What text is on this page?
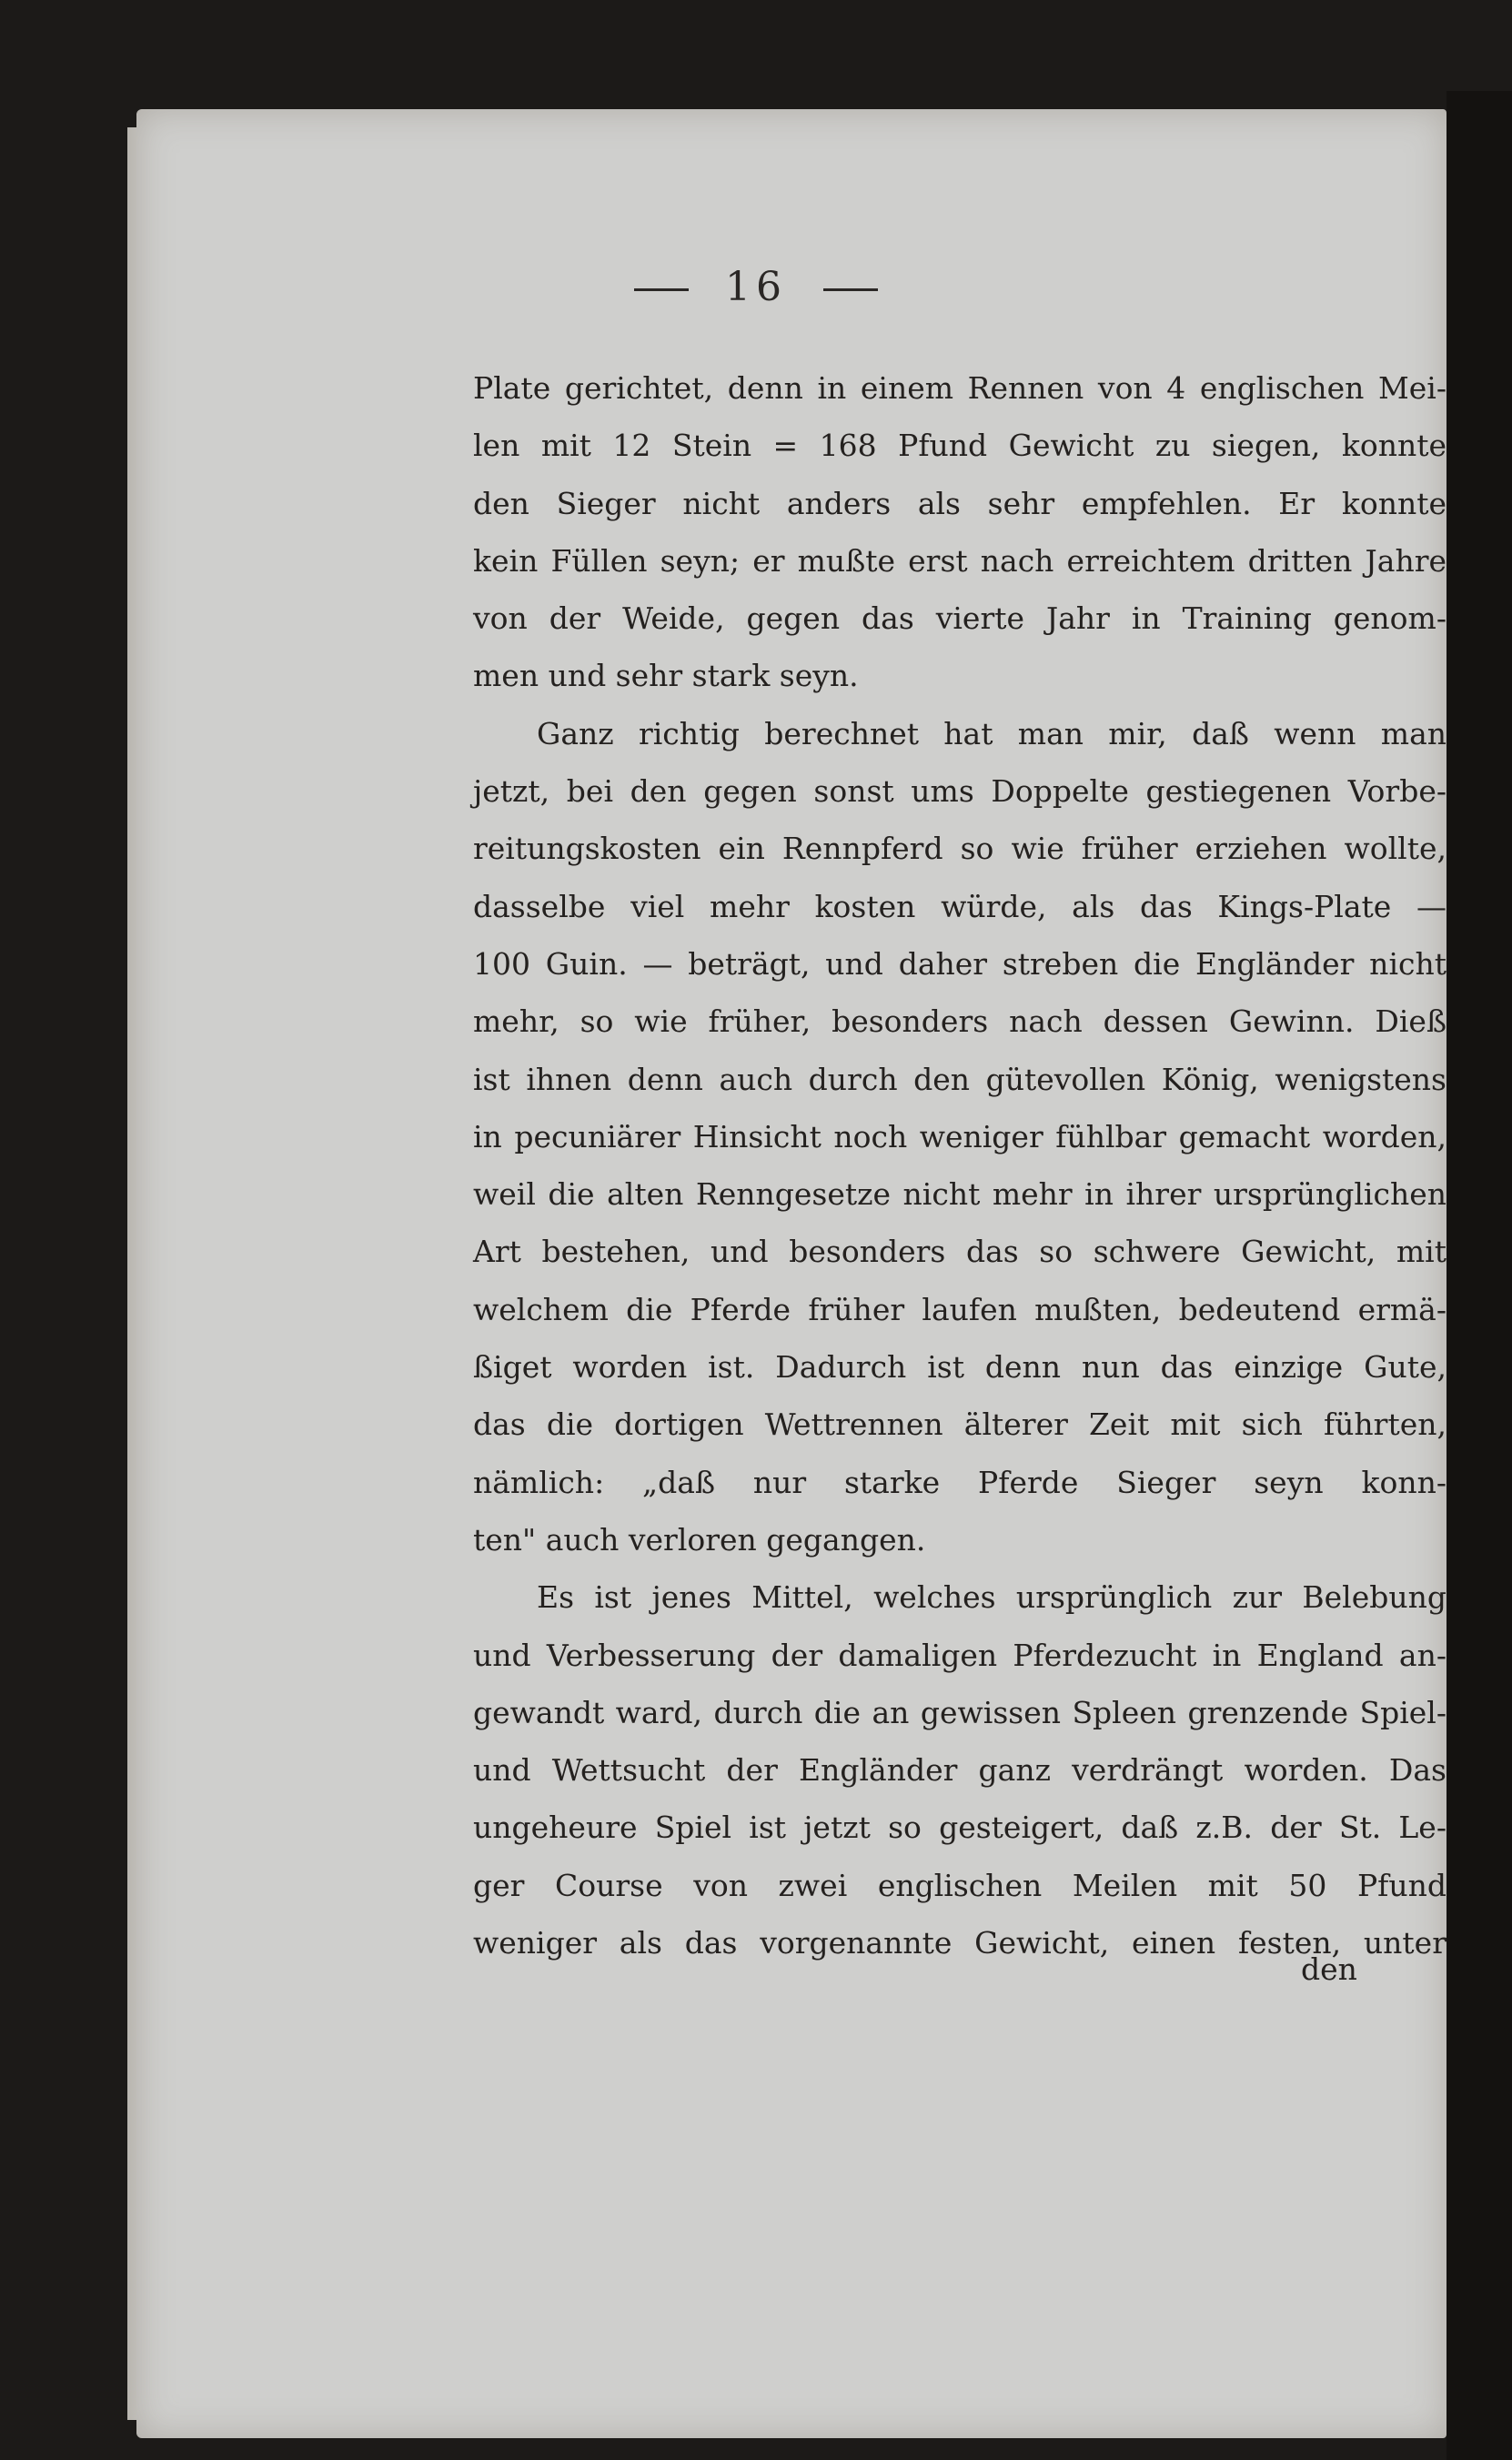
16
Plate gerichtet, denn in einem Rennen von 4 englischen Mei-
len mit 12 Stein = 168 Pfund Gewicht zu siegen, konnte
den Sieger nicht anders als sehr empfehlen. Er konnte
kein Füllen seyn; er mußte erst nach erreichtem dritten Jahre
von der Weide, gegen das vierte Jahr in Training genom-
men und sehr stark seyn.
Ganz richtig berechnet hat man mir, daß wenn man
jetzt, bei den gegen sonst ums Doppelte gestiegenen Vorbe-
reitungskosten ein Rennpferd so wie früher erziehen wollte,
dasselbe viel mehr kosten würde, als das Kings-Plate —
100 Guin. — beträgt, und daher streben die Engländer nicht
mehr, so wie früher, besonders nach dessen Gewinn. Dieß
ist ihnen denn auch durch den gütevollen König, wenigstens
in pecuniärer Hinsicht noch weniger fühlbar gemacht worden,
weil die alten Renngesetze nicht mehr in ihrer ursprünglichen
Art bestehen, und besonders das so schwere Gewicht, mit
welchem die Pferde früher laufen mußten, bedeutend ermä-
ßiget worden ist. Dadurch ist denn nun das einzige Gute,
das die dortigen Wettrennen älterer Zeit mit sich führten,
nämlich: „daß nur starke Pferde Sieger seyn konn-
ten" auch verloren gegangen.
Es ist jenes Mittel, welches ursprünglich zur Belebung
und Verbesserung der damaligen Pferdezucht in England an-
gewandt ward, durch die an gewissen Spleen grenzende Spiel-
und Wettsucht der Engländer ganz verdrängt worden. Das
ungeheure Spiel ist jetzt so gesteigert, daß z.B. der St. Le-
ger Course von zwei englischen Meilen mit 50 Pfund
weniger als das vorgenannte Gewicht, einen festen, unter
den
